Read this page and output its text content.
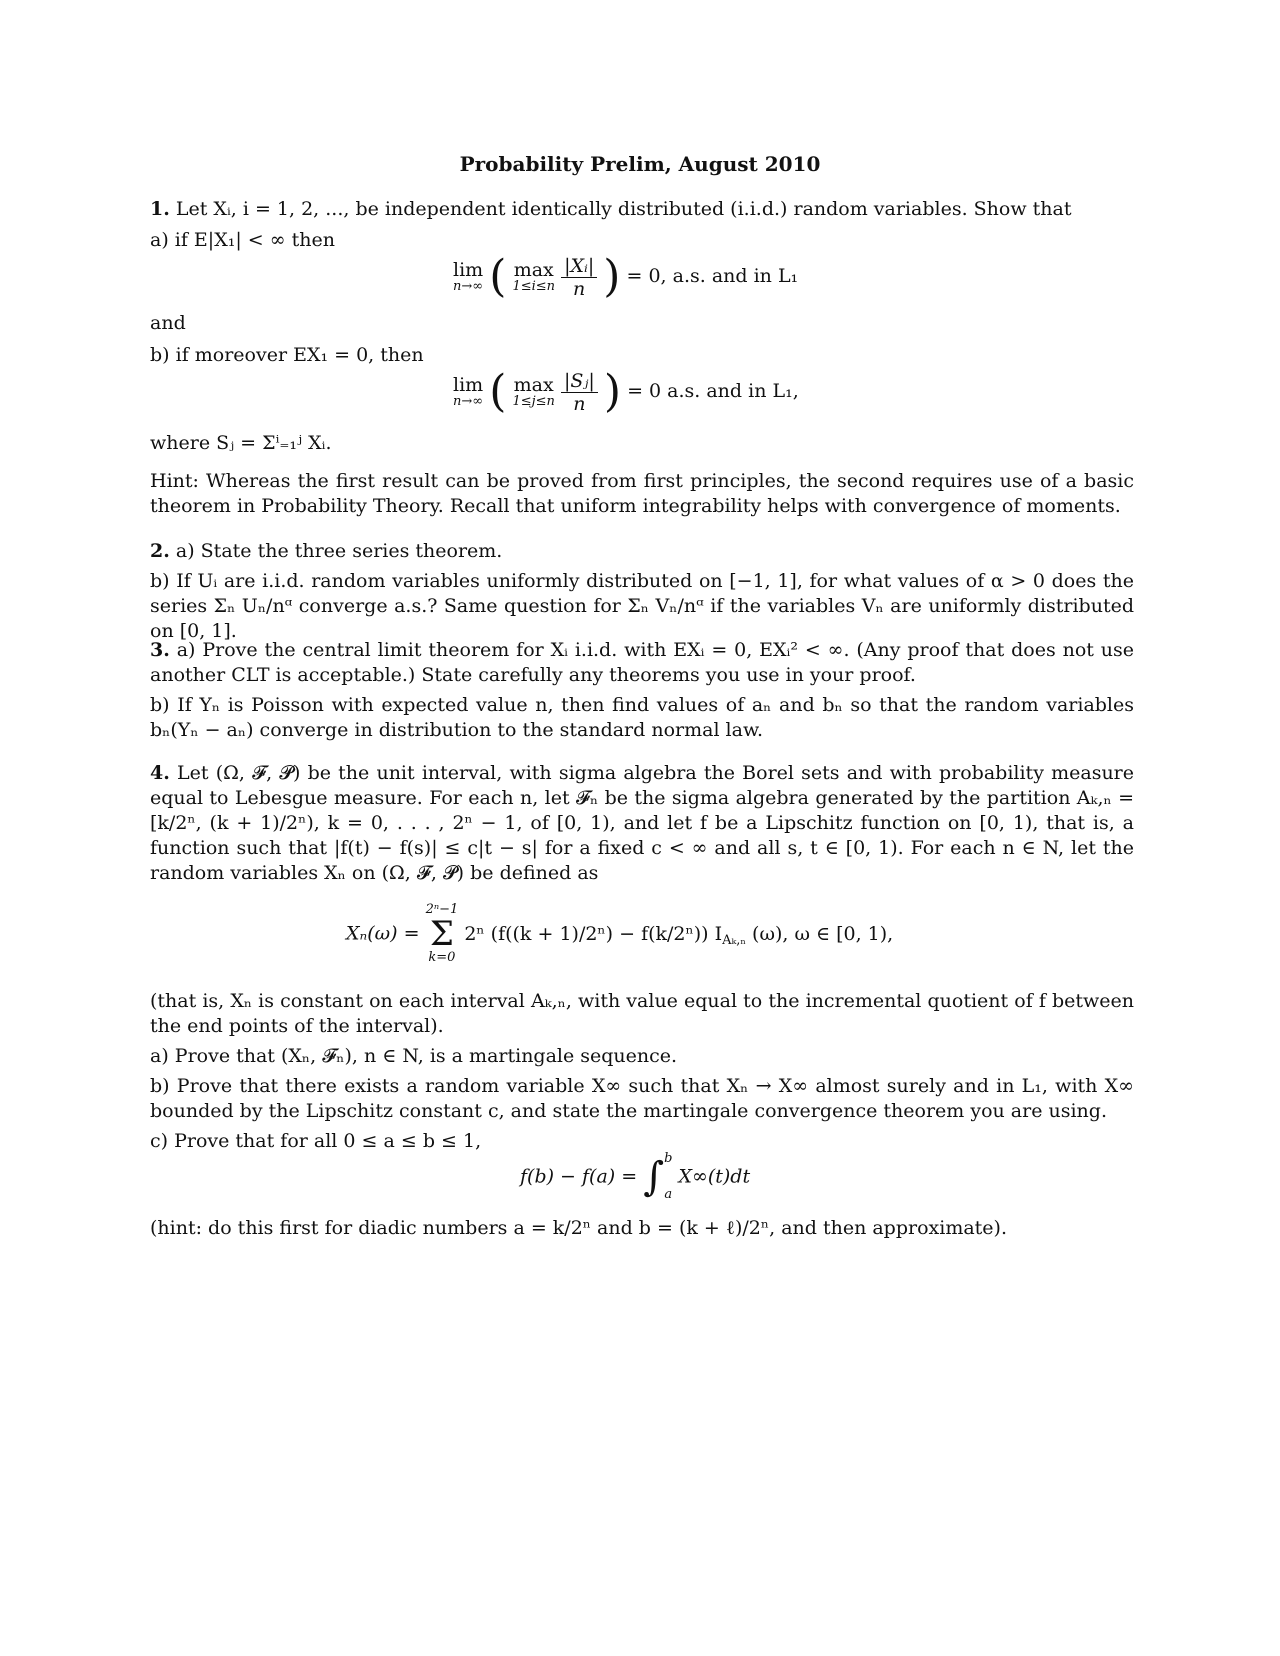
Probability Prelim, August 2010
1. Let Xᵢ, i = 1, 2, ..., be independent identically distributed (i.i.d.) random variables. Show that
a) if E|X₁| < ∞ then
lim
n→∞ ( max
1≤i≤n
$\frac{\text{|Xᵢ|}}{n}$ ) = 0, a.s. and in L₁
and
b) if moreover EX₁ = 0, then
lim
n→∞ ( max
1≤j≤n
$\frac{\text{|Sⱼ|}}{n}$ ) = 0 a.s. and in L₁,
where Sⱼ = Σⁱ₌₁ʲ Xᵢ.
Hint: Whereas the first result can be proved from first principles, the second requires use of a basic theorem in Probability Theory. Recall that uniform integrability helps with convergence of moments.
2. a) State the three series theorem.
b) If Uᵢ are i.i.d. random variables uniformly distributed on [−1, 1], for what values of α > 0 does the series Σₙ Uₙ/nᵅ converge a.s.? Same question for Σₙ Vₙ/nᵅ if the variables Vₙ are uniformly distributed on [0, 1].
3. a) Prove the central limit theorem for Xᵢ i.i.d. with EXᵢ = 0, EXᵢ² < ∞. (Any proof that does not use another CLT is acceptable.) State carefully any theorems you use in your proof.
b) If Yₙ is Poisson with expected value n, then find values of aₙ and bₙ so that the random variables bₙ(Yₙ − aₙ) converge in distribution to the standard normal law.
4. Let (Ω, 𝓕, 𝓟) be the unit interval, with sigma algebra the Borel sets and with probability measure equal to Lebesgue measure. For each n, let 𝓕ₙ be the sigma algebra generated by the partition Aₖ,ₙ = [k/2ⁿ, (k + 1)/2ⁿ), k = 0, . . . , 2ⁿ − 1, of [0, 1), and let f be a Lipschitz function on [0, 1), that is, a function such that |f(t) − f(s)| ≤ c|t − s| for a fixed c < ∞ and all s, t ∈ [0, 1). For each n ∈ N, let the random variables Xₙ on (Ω, 𝓕, 𝓟) be defined as
Xₙ(ω) =
2ⁿ−1
Σ
k=0
2ⁿ (f((k + 1)/2ⁿ) − f(k/2ⁿ)) $I_{A_k,_n}$ (ω), ω ∈ [0, 1),
(that is, Xₙ is constant on each interval Aₖ,ₙ, with value equal to the incremental quotient of f between the end points of the interval).
a) Prove that (Xₙ, 𝓕ₙ), n ∈ N, is a martingale sequence.
b) Prove that there exists a random variable X∞ such that Xₙ → X∞ almost surely and in L₁, with X∞ bounded by the Lipschitz constant c, and state the martingale convergence theorem you are using.
c) Prove that for all 0 ≤ a ≤ b ≤ 1,
f(b) − f(a) = ∫ b
a
X∞(t)dt
(hint: do this first for diadic numbers a = k/2ⁿ and b = (k + ℓ)/2ⁿ, and then approximate).
